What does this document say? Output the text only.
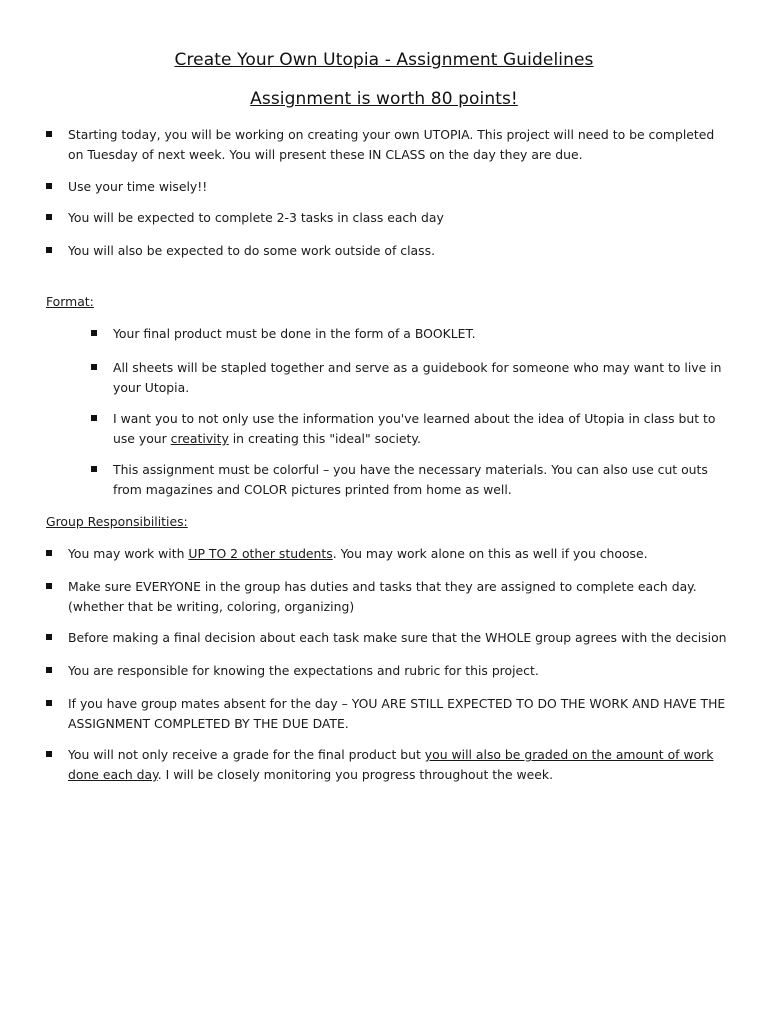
Create Your Own Utopia - Assignment Guidelines
Assignment is worth 80 points!
Starting today, you will be working on creating your own UTOPIA. This project will need to be completed on Tuesday of next week. You will present these IN CLASS on the day they are due.
Use your time wisely!!
You will be expected to complete 2-3 tasks in class each day
You will also be expected to do some work outside of class.
Format:
Your final product must be done in the form of a BOOKLET.
All sheets will be stapled together and serve as a guidebook for someone who may want to live in your Utopia.
I want you to not only use the information you've learned about the idea of Utopia in class but to use your creativity in creating this "ideal" society.
This assignment must be colorful – you have the necessary materials. You can also use cut outs from magazines and COLOR pictures printed from home as well.
Group Responsibilities:
You may work with UP TO 2 other students. You may work alone on this as well if you choose.
Make sure EVERYONE in the group has duties and tasks that they are assigned to complete each day. (whether that be writing, coloring, organizing)
Before making a final decision about each task make sure that the WHOLE group agrees with the decision
You are responsible for knowing the expectations and rubric for this project.
If you have group mates absent for the day – YOU ARE STILL EXPECTED TO DO THE WORK AND HAVE THE ASSIGNMENT COMPLETED BY THE DUE DATE.
You will not only receive a grade for the final product but you will also be graded on the amount of work done each day. I will be closely monitoring you progress throughout the week.
